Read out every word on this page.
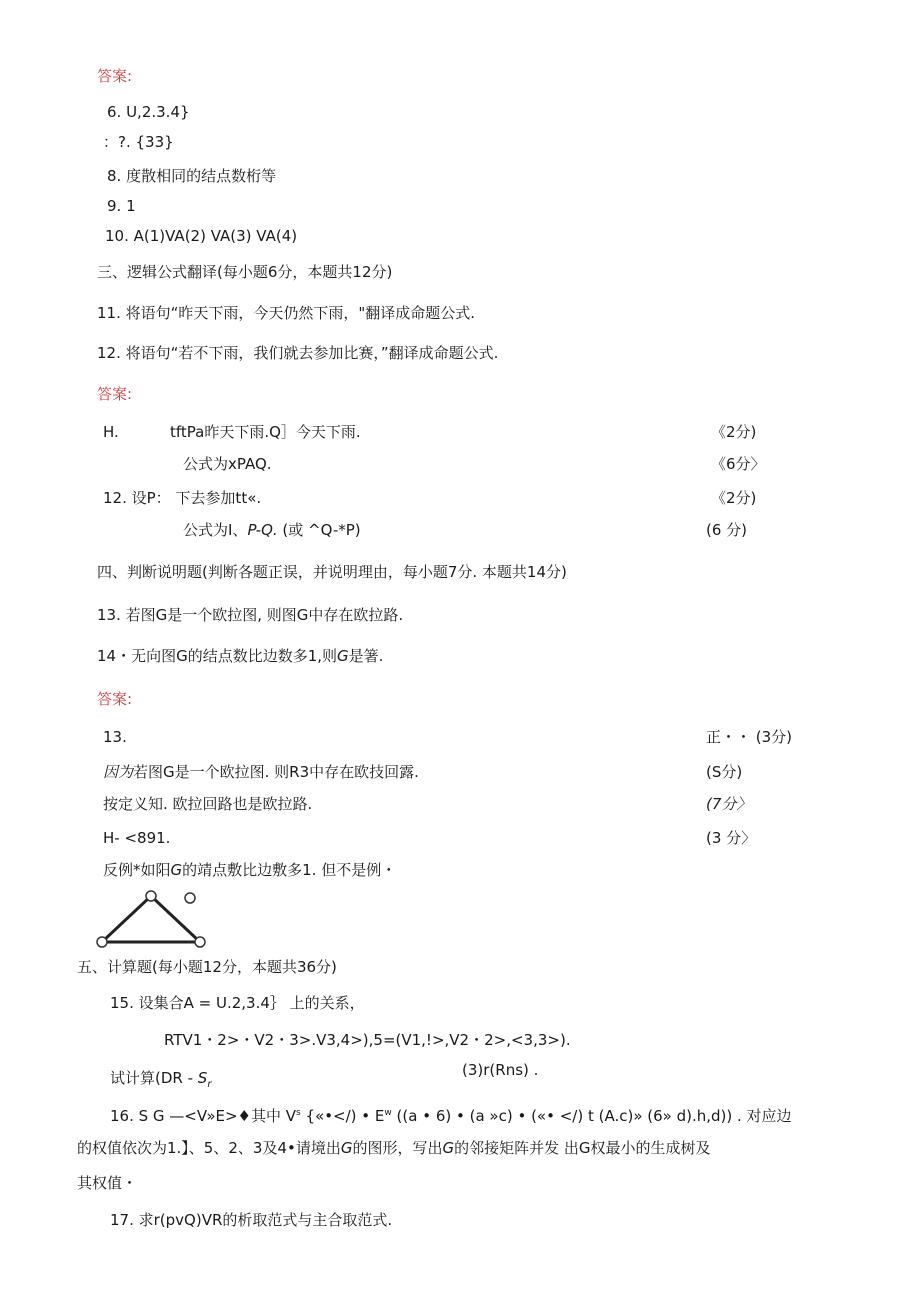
答案:
6. U,2.3.4}
：?. {33}
8. 度散相同的结点数桁等
9. 1
10. A(1)VA(2) VA(3) VA(4)
三、逻辑公式翻译(每小题6分，本题共12分)
11. 将语句“昨天下雨，今天仍然下雨，"翻译成命题公式.
12. 将语句“若不下雨，我们就去参加比赛，”翻译成命题公式.
答案:
H.	tftPa昨天下雨.Q］今天下雨.	《2分)
公式为xPAQ.	《6分〉
12. 设P： 下去参加tt«.	《2分)
公式为I、P-Q. (或 ^Q-*P)	(6 分)
四、判断说明题(判断各题正误，并说明理由，每小题7分. 本题共14分)
13. 若图G是一个欧拉图, 则图G中存在欧拉路.
14・无向图G的结点数比边数多1,则G是箸.
答案:
13.	正・・ (3分)
因为若图G是一个欧拉图. 则R3中存在欧技回露.	(S分)
按定义知. 欧拉回路也是欧拉路.	(7分〉
H- <891.	(3 分〉
反例*如阳G的靖点敷比边敷多1. 但不是例・
五、计算题(每小题12分，本题共36分)
15. 设集合A = U.2,3.4｝ 上的关系，
RTV1・2>・V2・3>.V3,4>),5=(V1,!>,V2・2>,<3,3>).
试计算($DR - S_r$
(3)r(Rns) .
16. S G —<V»E>♦其中 $V^s$ {«•</) • $E^w$ ((a • 6) • (a »c) • («• </) t (A.c)» (6» d).h,d)) . 对应边
的权值依次为1.】、5、2、3及4•请境出G的图形，写出G的邻接矩阵并发 出G权最小的生成树及
其权值・
17. 求r(pvQ)VR的析取范式与主合取范式.
